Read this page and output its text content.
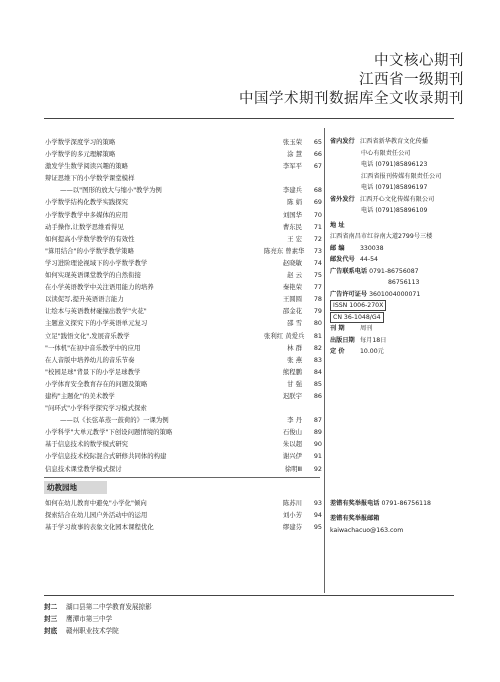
中文核心期刊
江西省一级期刊
中国学术期刊数据库全文收录期刊
小学数学深度学习的策略	张玉荣	65
小学数学的多元理解策略	涂 慧	66
激发学生数学阅读兴趣的策略	李军平	67
辩证思维下的小学数学课堂模样
——以"图形的放大与缩小"教学为例	李建兵	68
小学数学结构化教学实践探究	陈 娟	69
小学数学教学中多媒体的应用	刘国华	70
动手操作,让数学思维看得见	曹东民	71
如何提高小学数学教学的有效性	王 宏	72
"算用结合"的小学数学教学策略	陈亮东 曾素华	73
学习进阶理论视域下的小学数学教学	赵晓敏	74
如何实现英语课堂教学的自然衔接	赵 云	75
在小学英语教学中关注语用能力的培养	秦艳荣	77
以读促写,提升英语语言能力	王圆圆	78
让绘本与英语教材碰撞出教学"火花"	邵金花	79
主题意义探究下的小学英语单元复习	邵 雪	80
立足"践悟文化",发展音乐教学	张利红 黄爱兵	81
"一体机"在初中音乐教学中的应用	林 群	82
在人音版中培养幼儿的音乐节奏	张 燕	83
"校园足球"背景下的小学足球教学	熊程鹏	84
小学体育安全教育存在的问题及策略	甘 强	85
建构"主题化"的美术教学	迟朕宇	86
"问环式"小学科学探究学习模式探索
——以《长弦革蒸一鼓荷的》一课为例	李 丹	87
小学科学"大单元教学"下创设问题情境的策略	石俊山	89
基于信息技术的数学模式研究	朱以超	90
小学信息技术校际混合式研修共同体的构建	谢兴伊	91
信息技术课堂教学模式探讨	徐明Ⅲ	92
幼教园地
如何在幼儿教育中避免"小学化"倾向	陈苏川	93
探索结合在幼儿园户外活动中的运用	刘小芳	94
基于学习故事的表象文化园本课程优化	缪建芬	95
省内发行 江西省新华教育文化传播
中心有限责任公司
电话 (0791)85896123
江西省报刊传媒有限责任公司
电话 (0791)85896197
省外发行 江西开心文化传媒有限公司
电话 (0791)85896109
地 址
江西省南昌市红谷南大道2799号三楼
邮 编 330038
邮发代号 44-54
广告联系电话 0791-86756087
86756113
广告许可证号 3601004000071
ISSN 1006-270X
CN 36-1048/G4
刊 期 周刊
出版日期 每月18日
定 价 10.00元
差错有奖举报电话 0791-86756118
差错有奖举报邮箱
kaiwachacuo@163.com
封二 湖口县第二中学教育发展掠影
封三 鹰潭市第三中学
封底 赣州职业技术学院
